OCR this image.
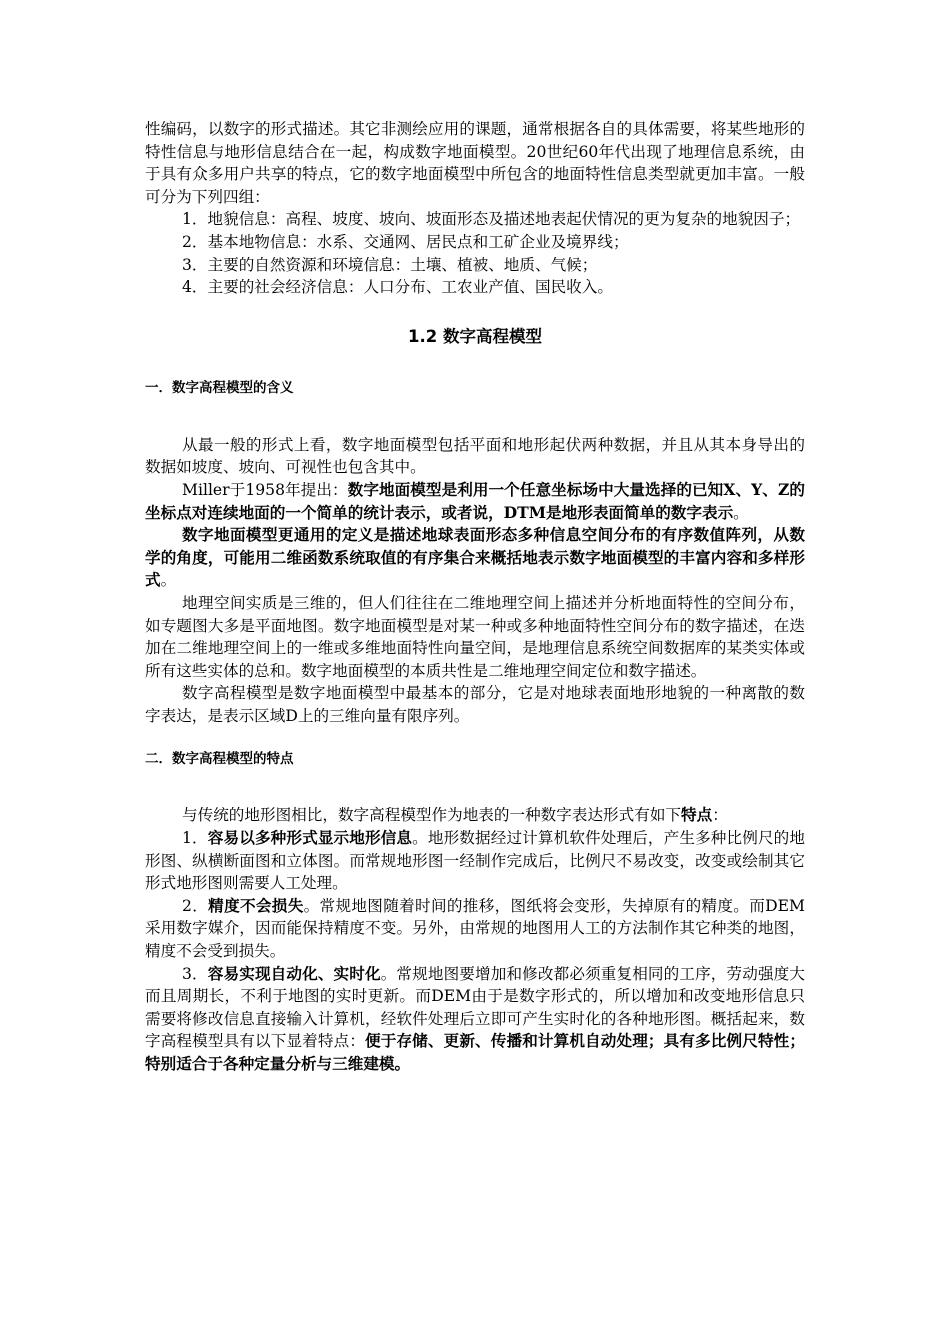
性编码，以数字的形式描述。其它非测绘应用的课题，通常根据各自的具体需要，将某些地形的特性信息与地形信息结合在一起，构成数字地面模型。20世纪60年代出现了地理信息系统，由于具有众多用户共享的特点，它的数字地面模型中所包含的地面特性信息类型就更加丰富。一般可分为下列四组：

1．地貌信息：高程、坡度、坡向、坡面形态及描述地表起伏情况的更为复杂的地貌因子；

2．基本地物信息：水系、交通网、居民点和工矿企业及境界线；

3．主要的自然资源和环境信息：土壤、植被、地质、气候；

4．主要的社会经济信息：人口分布、工农业产值、国民收入。

1.2 数字高程模型
一．数字高程模型的含义

从最一般的形式上看，数字地面模型包括平面和地形起伏两种数据，并且从其本身导出的数据如坡度、坡向、可视性也包含其中。

Miller于1958年提出：数字地面模型是利用一个任意坐标场中大量选择的已知X、Y、Z的坐标点对连续地面的一个简单的统计表示，或者说，DTM是地形表面简单的数字表示。

数字地面模型更通用的定义是描述地球表面形态多种信息空间分布的有序数值阵列，从数学的角度，可能用二维函数系统取值的有序集合来概括地表示数字地面模型的丰富内容和多样形式。

地理空间实质是三维的，但人们往往在二维地理空间上描述并分析地面特性的空间分布，如专题图大多是平面地图。数字地面模型是对某一种或多种地面特性空间分布的数字描述，在迭加在二维地理空间上的一维或多维地面特性向量空间，是地理信息系统空间数据库的某类实体或所有这些实体的总和。数字地面模型的本质共性是二维地理空间定位和数字描述。

数字高程模型是数字地面模型中最基本的部分，它是对地球表面地形地貌的一种离散的数字表达，是表示区域D上的三维向量有限序列。

二．数字高程模型的特点

与传统的地形图相比，数字高程模型作为地表的一种数字表达形式有如下特点：

1．容易以多种形式显示地形信息。地形数据经过计算机软件处理后，产生多种比例尺的地形图、纵横断面图和立体图。而常规地形图一经制作完成后，比例尺不易改变，改变或绘制其它形式地形图则需要人工处理。

2．精度不会损失。常规地图随着时间的推移，图纸将会变形，失掉原有的精度。而DEM采用数字媒介，因而能保持精度不变。另外，由常规的地图用人工的方法制作其它种类的地图，精度不会受到损失。

3．容易实现自动化、实时化。常规地图要增加和修改都必须重复相同的工序，劳动强度大而且周期长，不利于地图的实时更新。而DEM由于是数字形式的，所以增加和改变地形信息只需要将修改信息直接输入计算机，经软件处理后立即可产生实时化的各种地形图。概括起来，数字高程模型具有以下显着特点：便于存储、更新、传播和计算机自动处理；具有多比例尺特性；特别适合于各种定量分析与三维建模。
